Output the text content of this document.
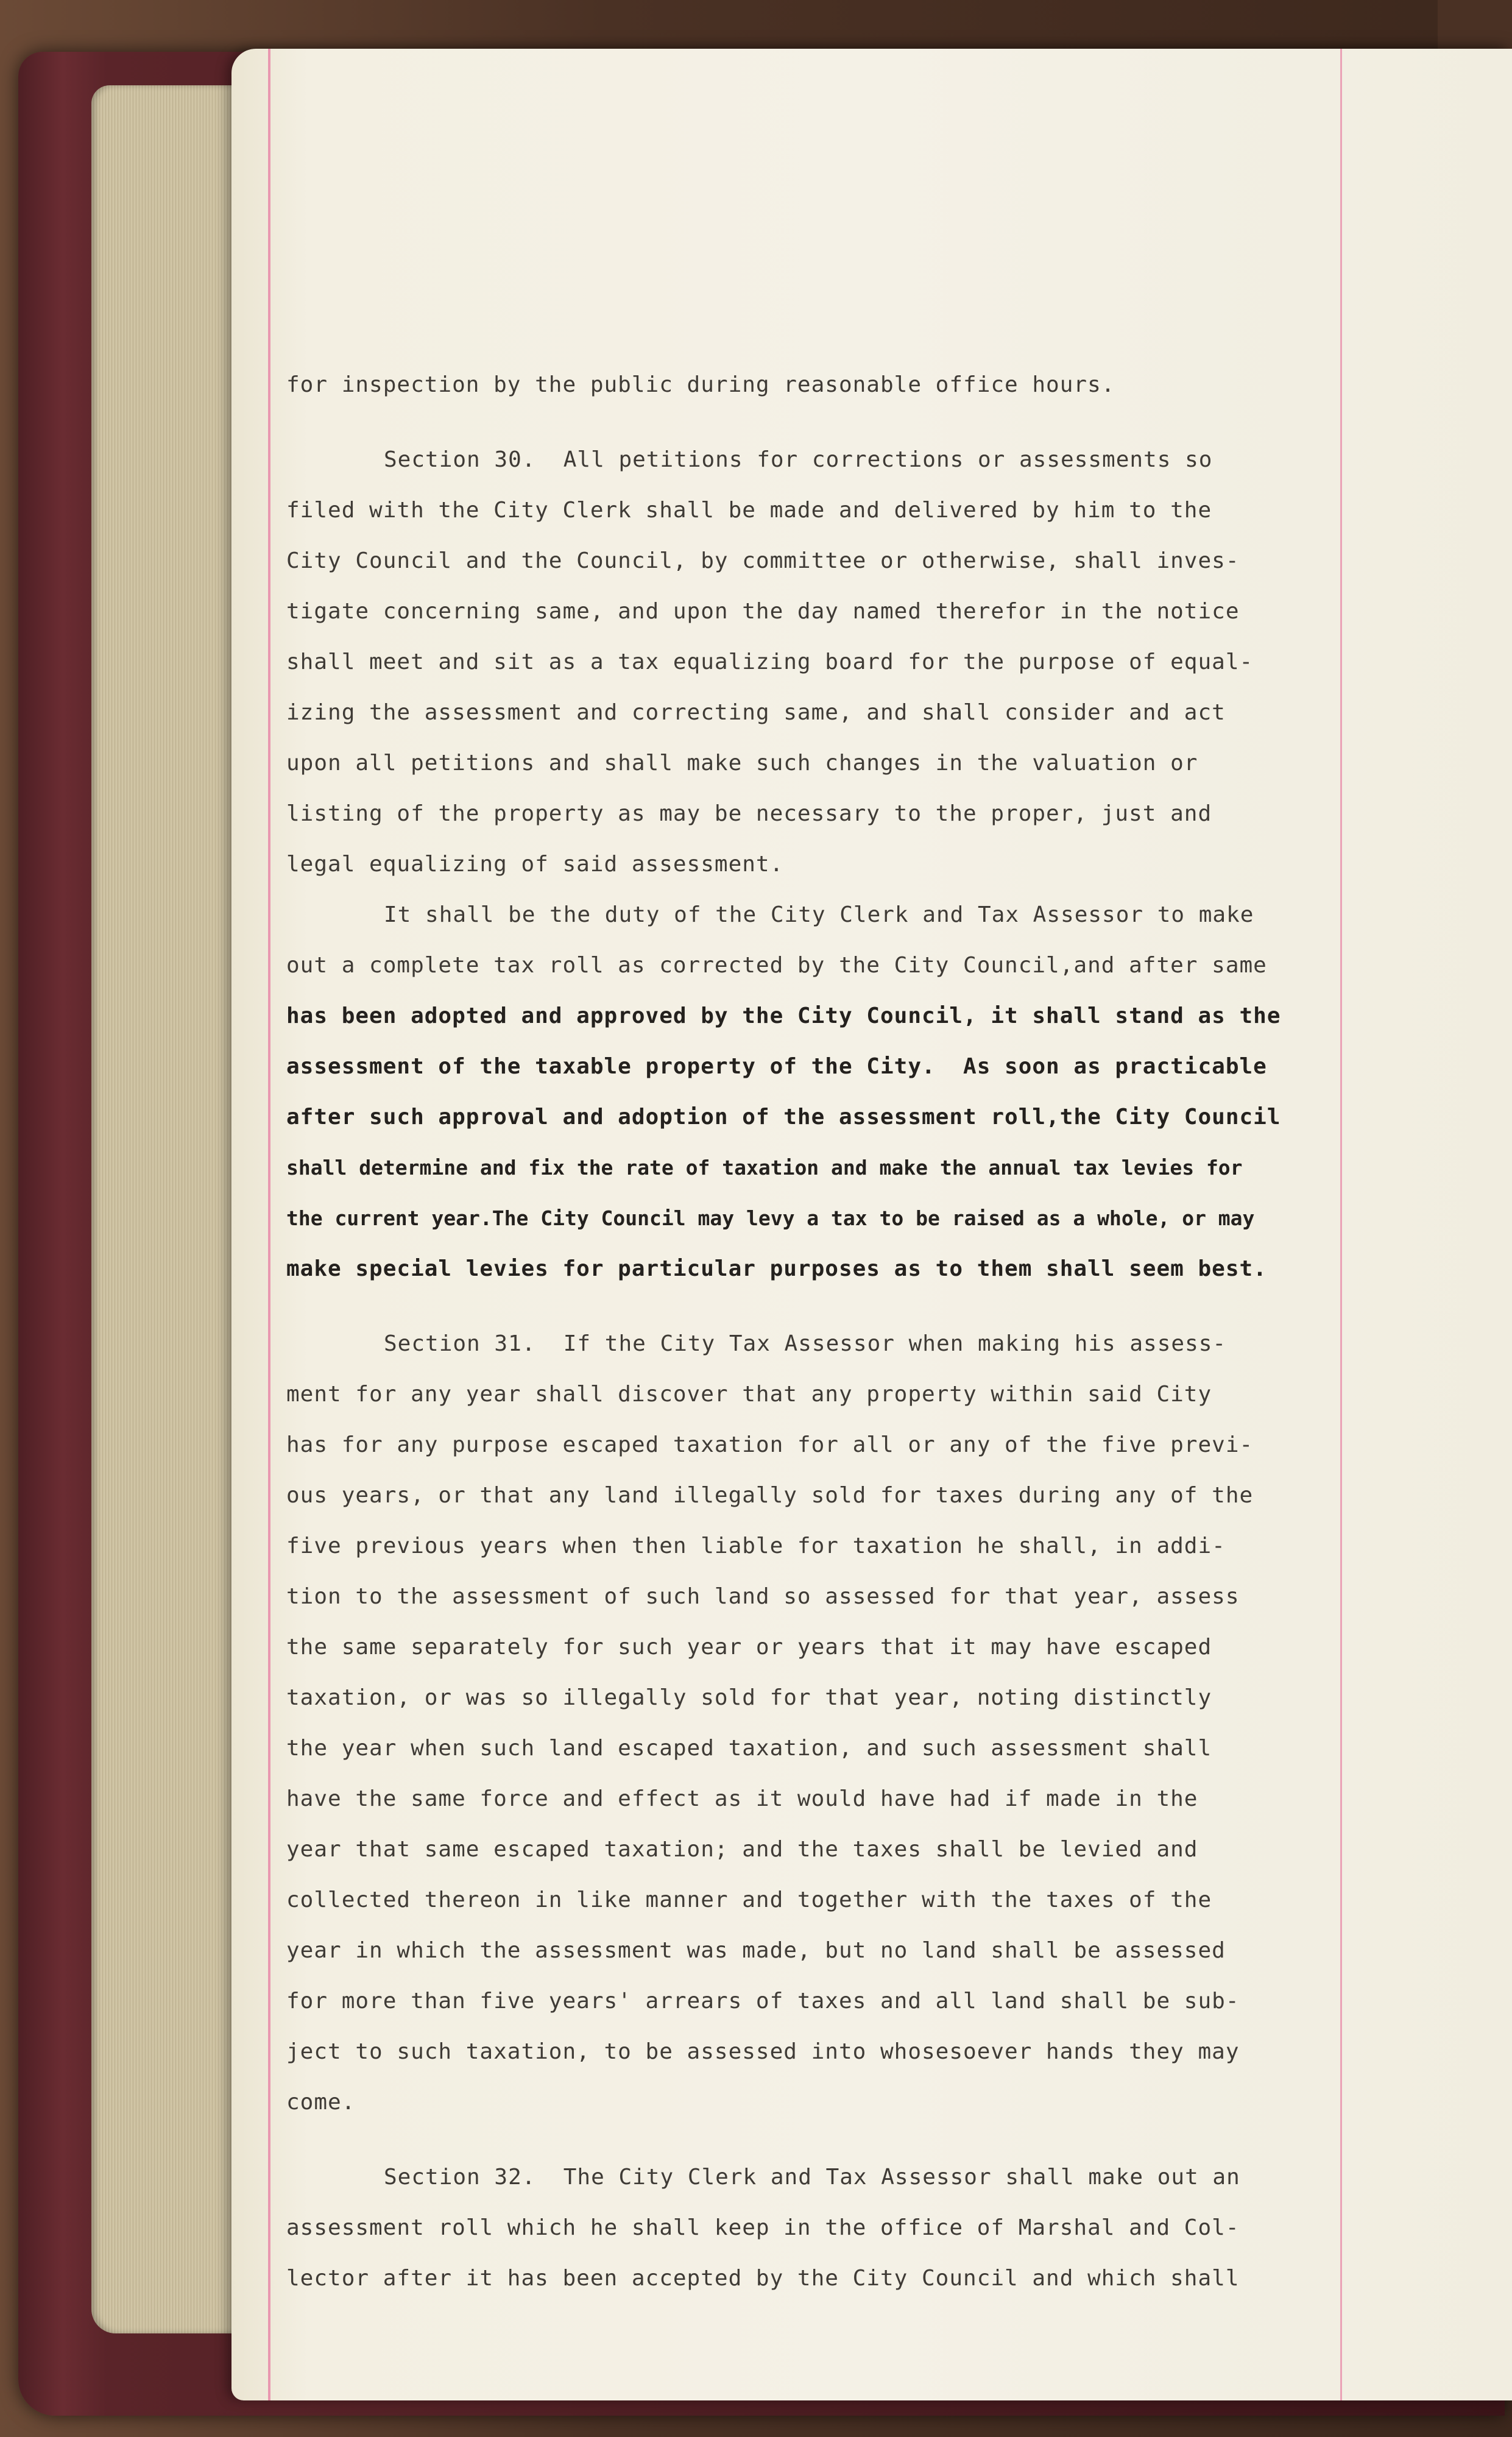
for inspection by the public during reasonable office hours.
Section 30.  All petitions for corrections or assessments so
filed with the City Clerk shall be made and delivered by him to the
City Council and the Council, by committee or otherwise, shall inves-
tigate concerning same, and upon the day named therefor in the notice
shall meet and sit as a tax equalizing board for the purpose of equal-
izing the assessment and correcting same, and shall consider and act
upon all petitions and shall make such changes in the valuation or
listing of the property as may be necessary to the proper, just and
legal equalizing of said assessment.
It shall be the duty of the City Clerk and Tax Assessor to make
out a complete tax roll as corrected by the City Council,and after same
has been adopted and approved by the City Council, it shall stand as the
assessment of the taxable property of the City.  As soon as practicable
after such approval and adoption of the assessment roll,the City Council
shall determine and fix the rate of taxation and make the annual tax levies for
the current year.The City Council may levy a tax to be raised as a whole, or may
make special levies for particular purposes as to them shall seem best.
Section 31.  If the City Tax Assessor when making his assess-
ment for any year shall discover that any property within said City
has for any purpose escaped taxation for all or any of the five previ-
ous years, or that any land illegally sold for taxes during any of the
five previous years when then liable for taxation he shall, in addi-
tion to the assessment of such land so assessed for that year, assess
the same separately for such year or years that it may have escaped
taxation, or was so illegally sold for that year, noting distinctly
the year when such land escaped taxation, and such assessment shall
have the same force and effect as it would have had if made in the
year that same escaped taxation; and the taxes shall be levied and
collected thereon in like manner and together with the taxes of the
year in which the assessment was made, but no land shall be assessed
for more than five years' arrears of taxes and all land shall be sub-
ject to such taxation, to be assessed into whosesoever hands they may
come.
Section 32.  The City Clerk and Tax Assessor shall make out an
assessment roll which he shall keep in the office of Marshal and Col-
lector after it has been accepted by the City Council and which shall
